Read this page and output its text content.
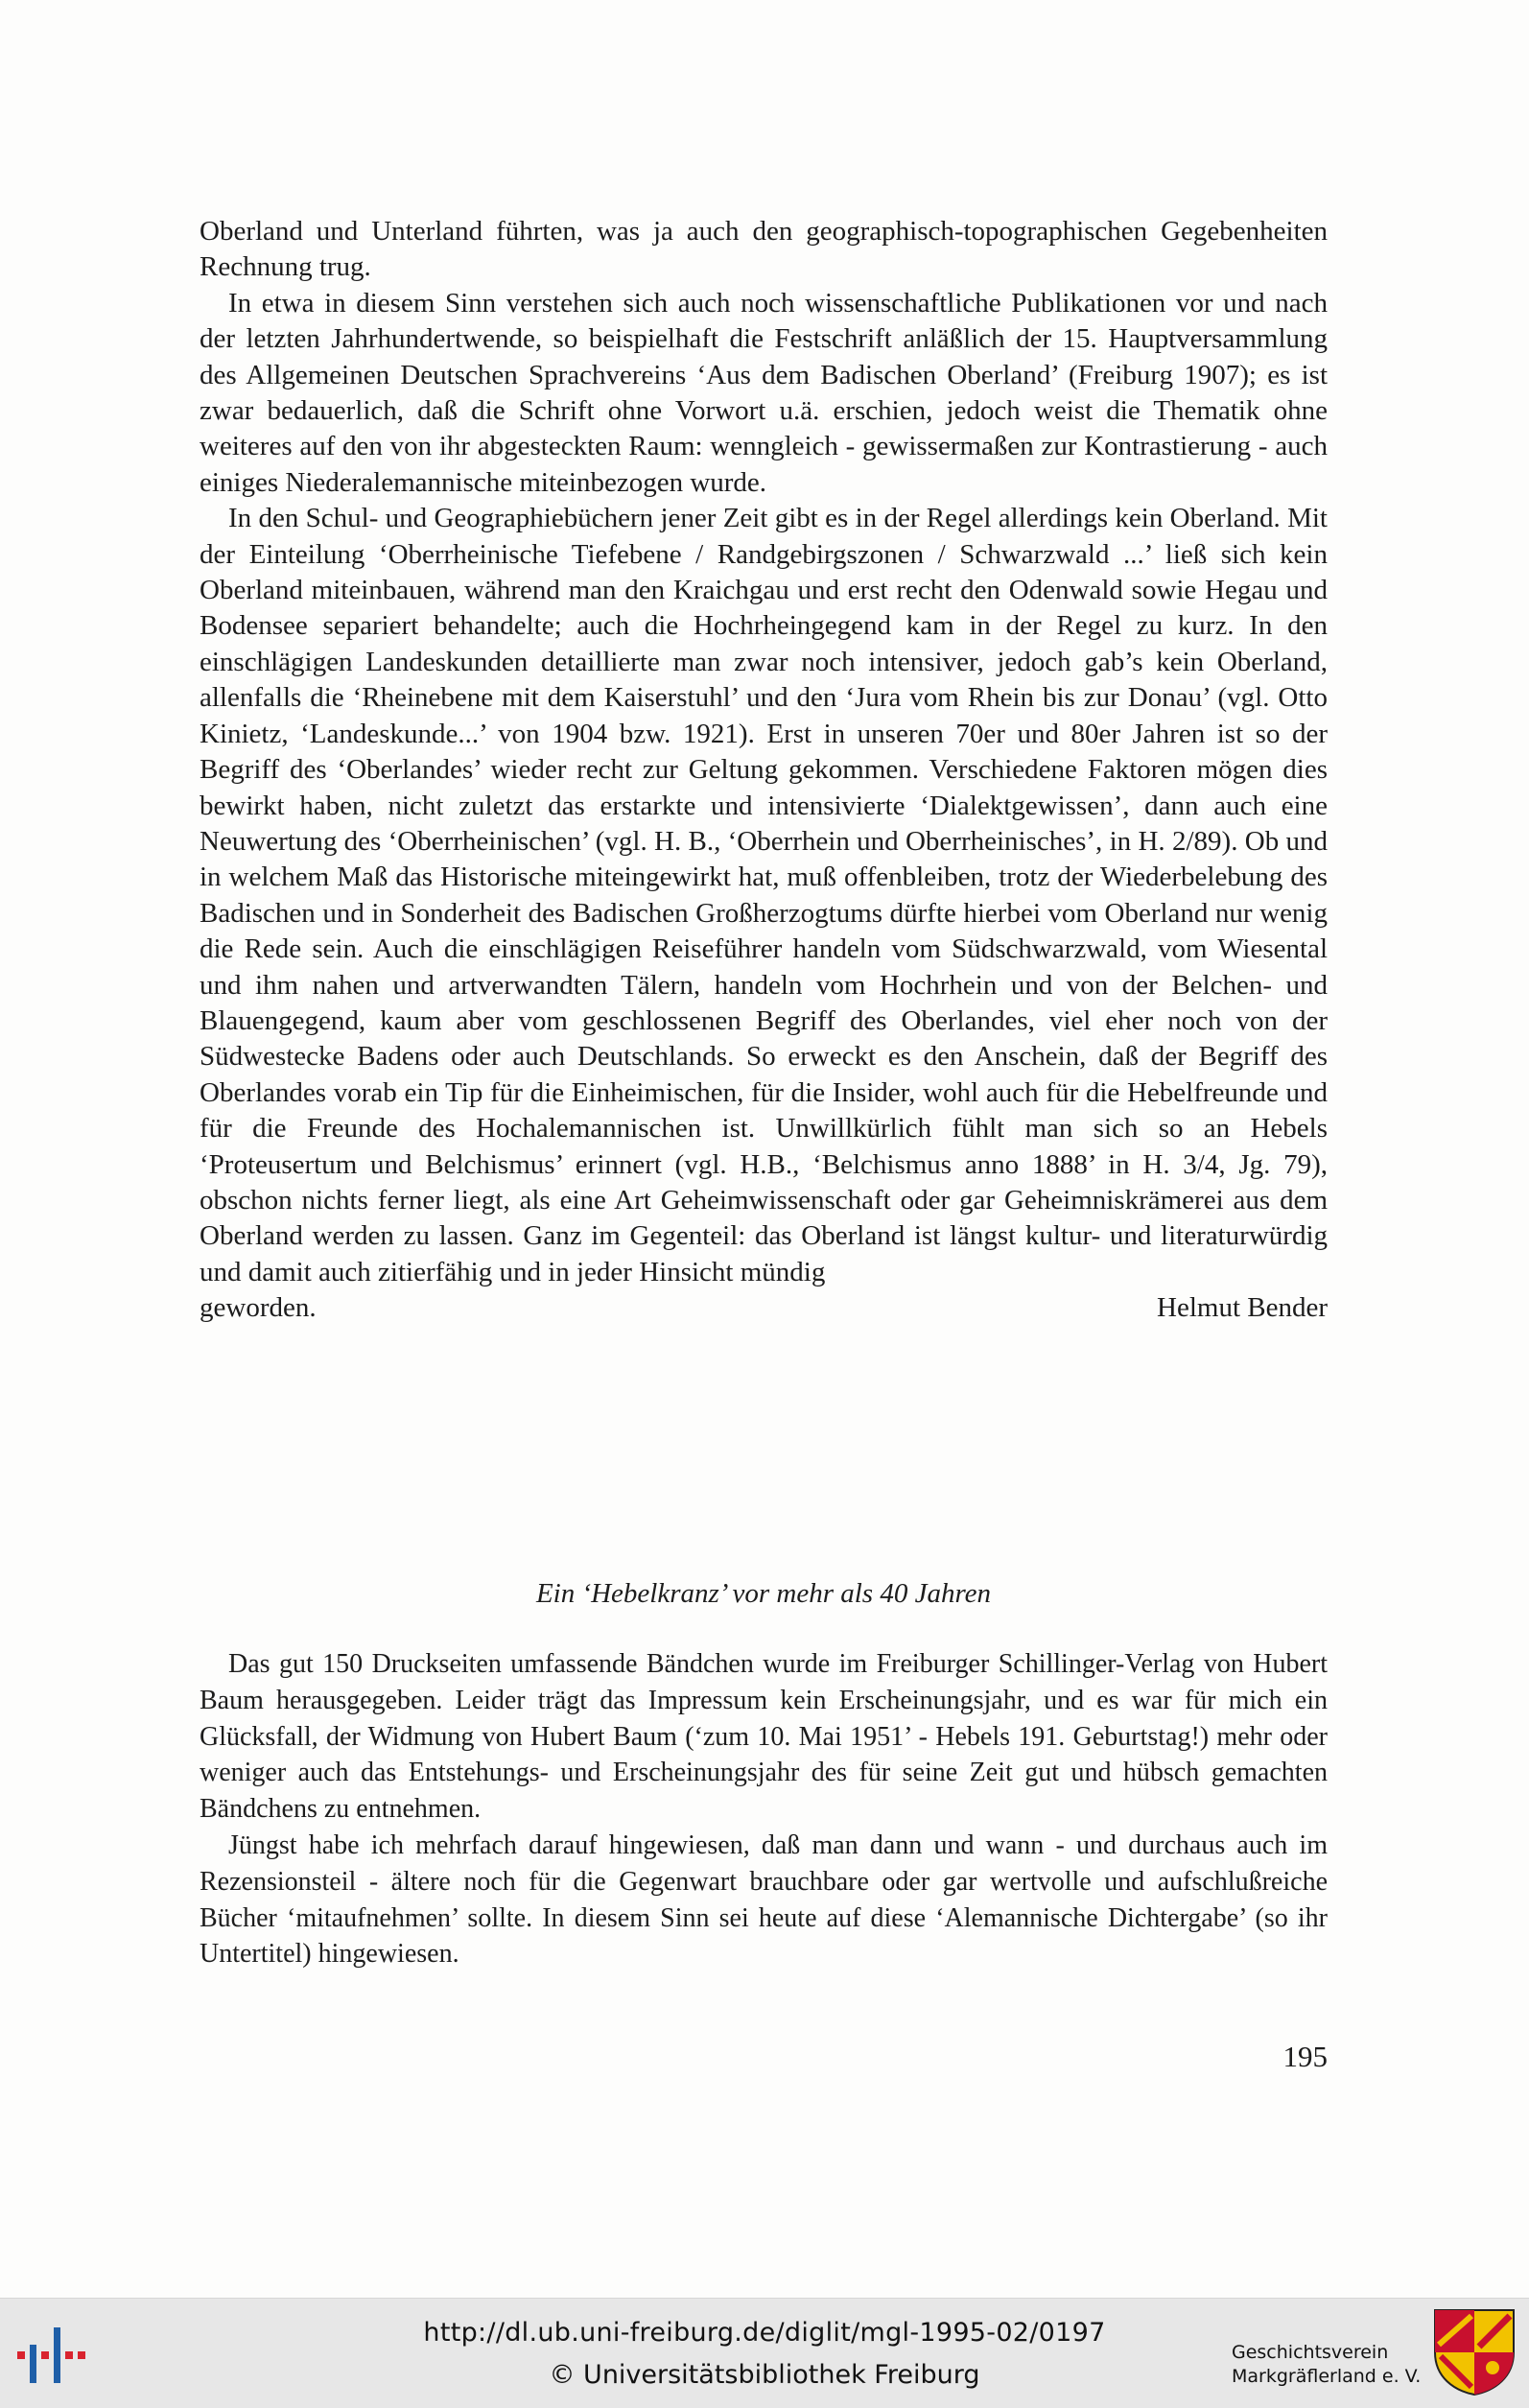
Oberland und Unterland führten, was ja auch den geographisch-topographischen Gegebenheiten Rechnung trug.

In etwa in diesem Sinn verstehen sich auch noch wissenschaftliche Publikationen vor und nach der letzten Jahrhundertwende, so beispielhaft die Festschrift anläßlich der 15. Hauptversammlung des Allgemeinen Deutschen Sprachvereins ‘Aus dem Badischen Oberland’ (Freiburg 1907); es ist zwar bedauerlich, daß die Schrift ohne Vorwort u.ä. erschien, jedoch weist die Thematik ohne weiteres auf den von ihr abgesteckten Raum: wenngleich - gewissermaßen zur Kontrastierung - auch einiges Niederalemannische miteinbezogen wurde.

In den Schul- und Geographiebüchern jener Zeit gibt es in der Regel allerdings kein Oberland. Mit der Einteilung ‘Oberrheinische Tiefebene / Randgebirgszonen / Schwarzwald ...’ ließ sich kein Oberland miteinbauen, während man den Kraichgau und erst recht den Odenwald sowie Hegau und Bodensee separiert behandelte; auch die Hochrheingegend kam in der Regel zu kurz. In den einschlägigen Landeskunden detaillierte man zwar noch intensiver, jedoch gab’s kein Oberland, allenfalls die ‘Rheinebene mit dem Kaiserstuhl’ und den ‘Jura vom Rhein bis zur Donau’ (vgl. Otto Kinietz, ‘Landeskunde...’ von 1904 bzw. 1921). Erst in unseren 70er und 80er Jahren ist so der Begriff des ‘Oberlandes’ wieder recht zur Geltung gekommen. Verschiedene Faktoren mögen dies bewirkt haben, nicht zuletzt das erstarkte und intensivierte ‘Dialektgewissen’, dann auch eine Neuwertung des ‘Oberrheinischen’ (vgl. H. B., ‘Oberrhein und Oberrheinisches’, in H. 2/89). Ob und in welchem Maß das Historische miteingewirkt hat, muß offenbleiben, trotz der Wiederbelebung des Badischen und in Sonderheit des Badischen Großherzogtums dürfte hierbei vom Oberland nur wenig die Rede sein. Auch die einschlägigen Reiseführer handeln vom Südschwarzwald, vom Wiesental und ihm nahen und artverwandten Tälern, handeln vom Hochrhein und von der Belchen- und Blauengegend, kaum aber vom geschlossenen Begriff des Oberlandes, viel eher noch von der Südwestecke Badens oder auch Deutschlands. So erweckt es den Anschein, daß der Begriff des Oberlandes vorab ein Tip für die Einheimischen, für die Insider, wohl auch für die Hebelfreunde und für die Freunde des Hochalemannischen ist. Unwillkürlich fühlt man sich so an Hebels ‘Proteusertum und Belchismus’ erinnert (vgl. H.B., ‘Belchismus anno 1888’ in H. 3/4, Jg. 79), obschon nichts ferner liegt, als eine Art Geheimwissenschaft oder gar Geheimniskrämerei aus dem Oberland werden zu lassen. Ganz im Gegenteil: das Oberland ist längst kultur- und literaturwürdig und damit auch zitierfähig und in jeder Hinsicht mündig

geworden.	Helmut Bender
Ein ‘Hebelkranz’ vor mehr als 40 Jahren

Das gut 150 Druckseiten umfassende Bändchen wurde im Freiburger Schillinger-Verlag von Hubert Baum herausgegeben. Leider trägt das Impressum kein Erscheinungsjahr, und es war für mich ein Glücksfall, der Widmung von Hubert Baum (‘zum 10. Mai 1951’ - Hebels 191. Geburtstag!) mehr oder weniger auch das Entstehungs- und Erscheinungsjahr des für seine Zeit gut und hübsch gemachten Bändchens zu entnehmen.

Jüngst habe ich mehrfach darauf hingewiesen, daß man dann und wann - und durchaus auch im Rezensionsteil - ältere noch für die Gegenwart brauchbare oder gar wertvolle und aufschlußreiche Bücher ‘mitaufnehmen’ sollte. In diesem Sinn sei heute auf diese ‘Alemannische Dichtergabe’ (so ihr Untertitel) hingewiesen.

195
http://dl.ub.uni-freiburg.de/diglit/mgl-1995-02/0197
© Universitätsbibliothek Freiburg
Geschichtsverein
Markgräflerland e. V.
